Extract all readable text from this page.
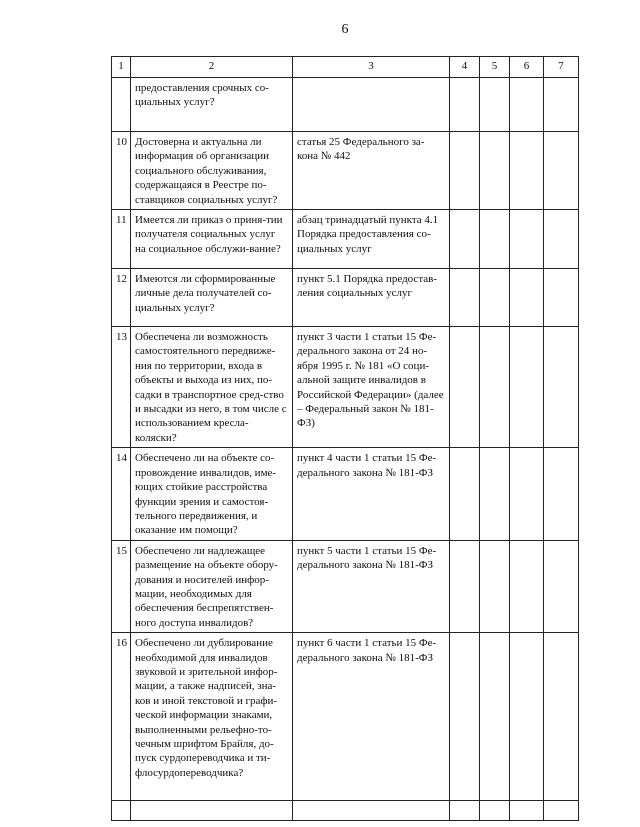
6
1	2	3	4	5	6	7
	предоставления срочных со-циальных услуг?					
10	Достоверна и актуальна ли информация об организации социального обслуживания, содержащаяся в Реестре по-ставщиков социальных услуг?	статья 25 Федерального за-кона № 442				
11	Имеется ли приказ о приня-тии получателя социальных услуг на социальное обслужи-вание?	абзац тринадцатый пункта 4.1 Порядка предоставления со-циальных услуг				
12	Имеются ли сформированные личные дела получателей со-циальных услуг?	пункт 5.1 Порядка предостав-ления социальных услуг				
13	Обеспечена ли возможность самостоятельного передвиже-ния по территории, входа в объекты и выхода из них, по-садки в транспортное сред-ство и высадки из него, в том числе с использованием кресла-коляски?	пункт 3 части 1 статьи 15 Фе-дерального закона от 24 но-ября 1995 г. № 181 «О соци-альной защите инвалидов в Российской Федерации» (далее – Федеральный закон № 181-ФЗ)				
14	Обеспечено ли на объекте со-провождение инвалидов, име-ющих стойкие расстройства функции зрения и самостоя-тельного передвижения, и оказание им помощи?	пункт 4 части 1 статьи 15 Фе-дерального закона № 181-ФЗ				
15	Обеспечено ли надлежащее размещение на объекте обору-дования и носителей инфор-мации, необходимых для обеспечения беспрепятствен-ного доступа инвалидов?	пункт 5 части 1 статьи 15 Фе-дерального закона № 181-ФЗ				
16	Обеспечено ли дублирование необходимой для инвалидов звуковой и зрительной инфор-мации, а также надписей, зна-ков и иной текстовой и графи-ческой информации знаками, выполненными рельефно-то-чечным шрифтом Брайля, до-пуск сурдопереводчика и ти-флосурдопереводчика?	пункт 6 части 1 статьи 15 Фе-дерального закона № 181-ФЗ				
